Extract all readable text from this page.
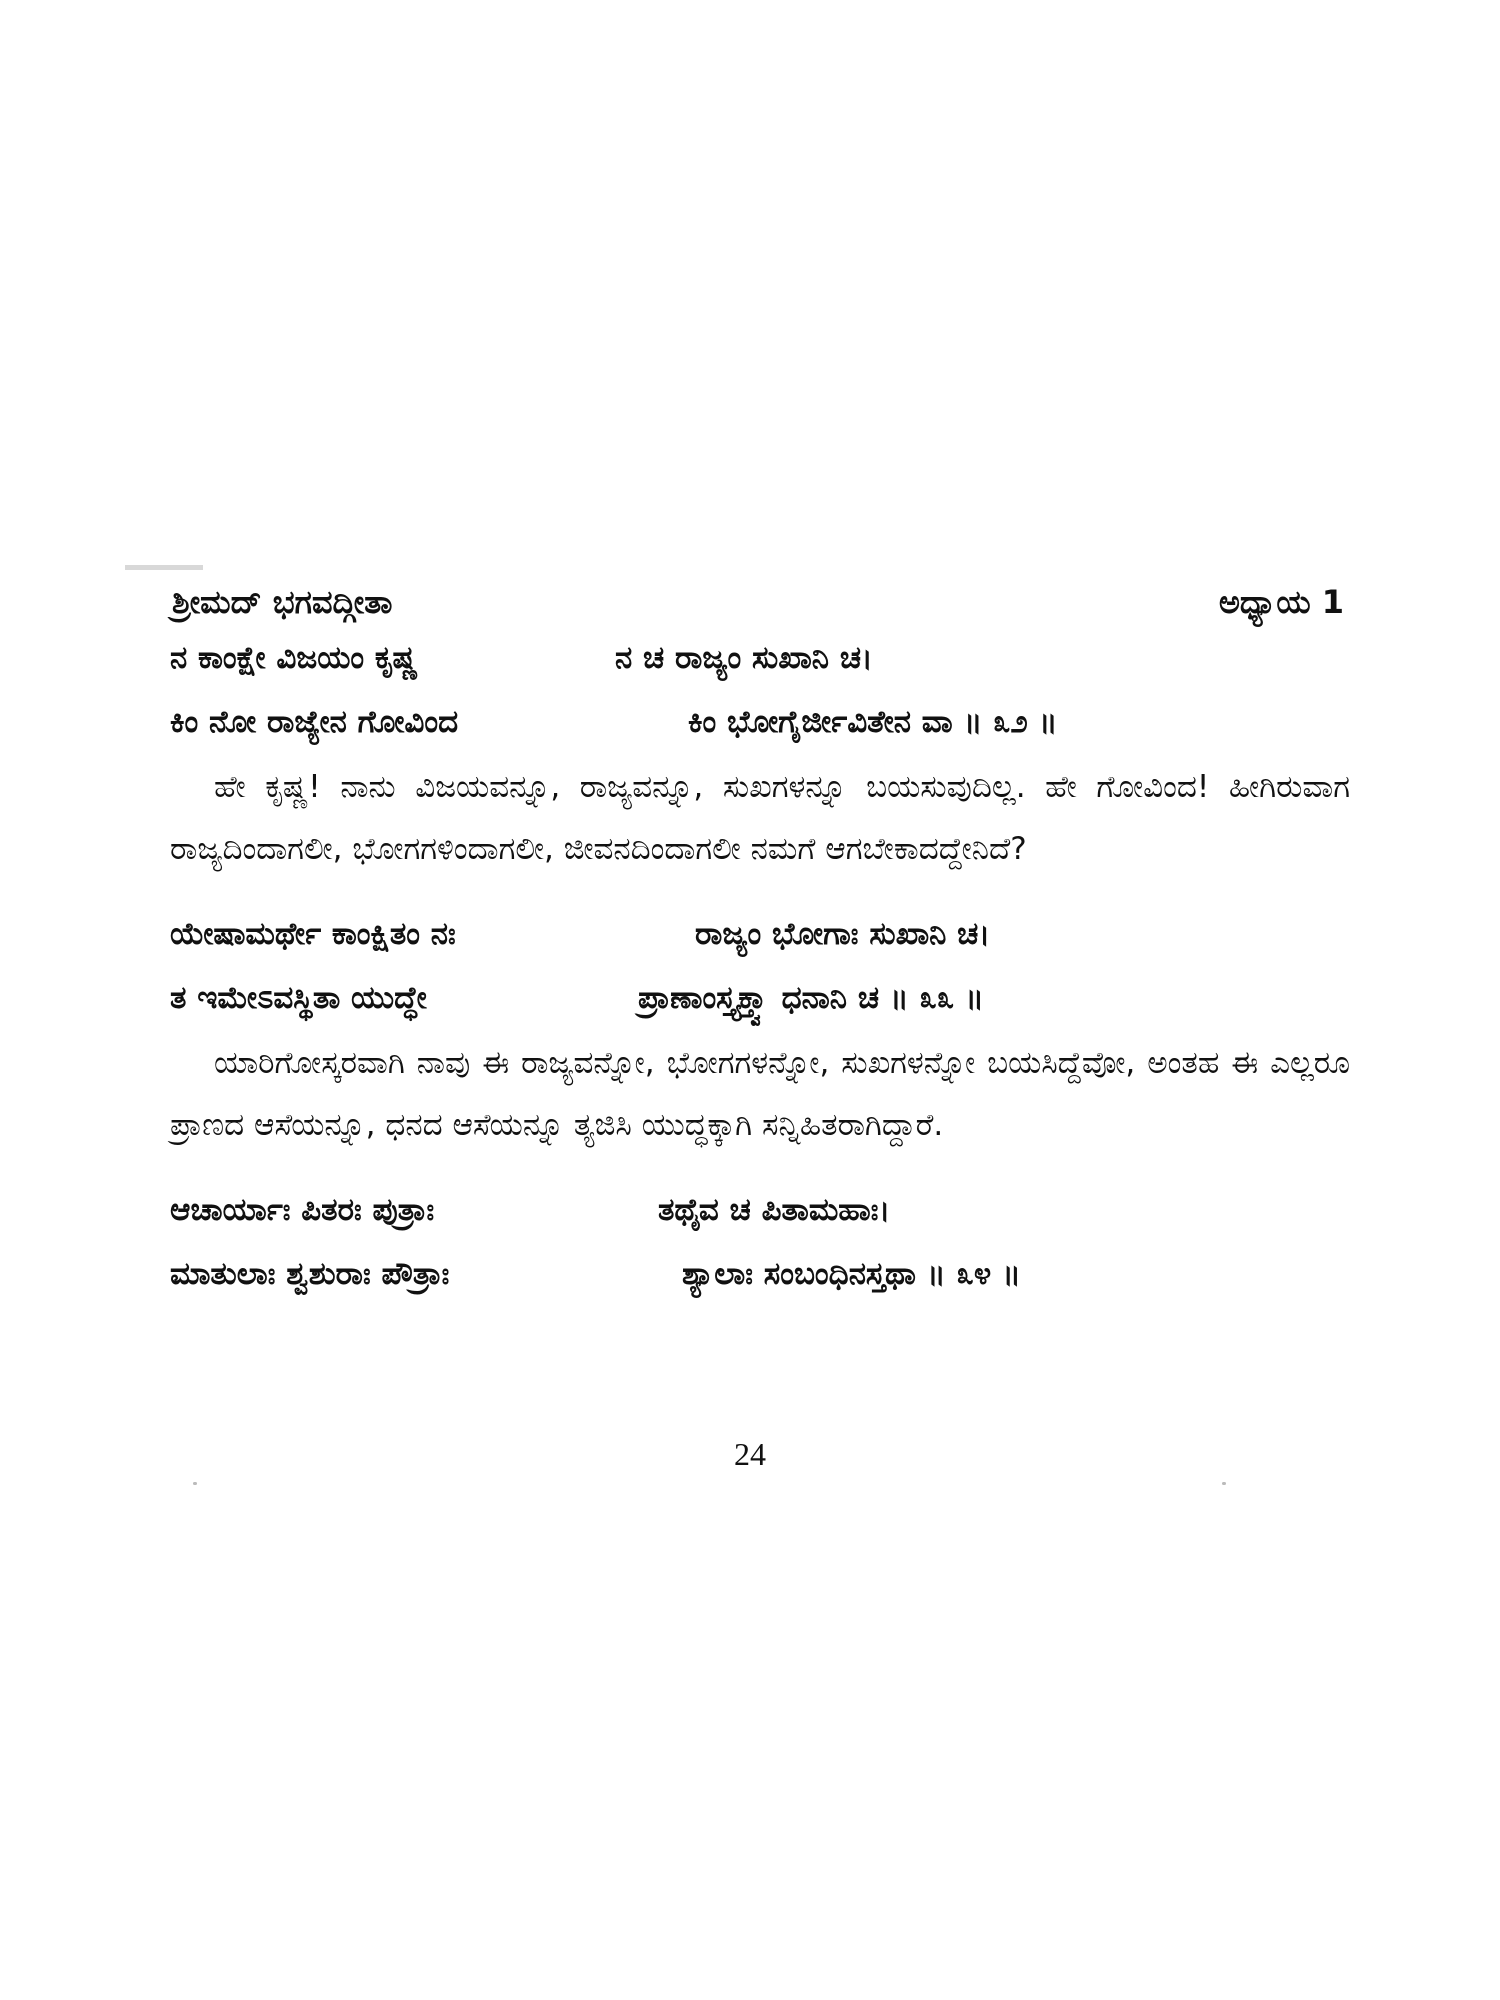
ಶ್ರೀಮದ್ ಭಗವದ್ಗೀತಾ	ಅಧ್ಯಾಯ 1
ನ ಕಾಂಕ್ಷೇ ವಿಜಯಂ ಕೃಷ್ಣ	ನ ಚ ರಾಜ್ಯಂ ಸುಖಾನಿ ಚ।
ಕಿಂ ನೋ ರಾಜ್ಯೇನ ಗೋವಿಂದ	ಕಿಂ ಭೋಗೈರ್ಜೀವಿತೇನ ವಾ ॥ ೩೨ ॥

ಹೇ ಕೃಷ್ಣ! ನಾನು ವಿಜಯವನ್ನೂ, ರಾಜ್ಯವನ್ನೂ, ಸುಖಗಳನ್ನೂ ಬಯಸುವುದಿಲ್ಲ. ಹೇ ಗೋವಿಂದ! ಹೀಗಿರುವಾಗ ರಾಜ್ಯದಿಂದಾಗಲೀ, ಭೋಗಗಳಿಂದಾಗಲೀ, ಜೀವನದಿಂದಾಗಲೀ ನಮಗೆ ಆಗಬೇಕಾದದ್ದೇನಿದೆ?

ಯೇಷಾಮರ್ಥೇ ಕಾಂಕ್ಷಿತಂ ನಃ	ರಾಜ್ಯಂ ಭೋಗಾಃ ಸುಖಾನಿ ಚ।
ತ ಇಮೇಽವಸ್ಥಿತಾ ಯುದ್ಧೇ	ಪ್ರಾಣಾಂಸ್ತ್ಯಕ್ತ್ವಾ ಧನಾನಿ ಚ ॥ ೩೩ ॥

ಯಾರಿಗೋಸ್ಕರವಾಗಿ ನಾವು ಈ ರಾಜ್ಯವನ್ನೋ, ಭೋಗಗಳನ್ನೋ, ಸುಖಗಳನ್ನೋ ಬಯಸಿದ್ದೆವೋ, ಅಂತಹ ಈ ಎಲ್ಲರೂ ಪ್ರಾಣದ ಆಸೆಯನ್ನೂ, ಧನದ ಆಸೆಯನ್ನೂ ತ್ಯಜಿಸಿ ಯುದ್ಧಕ್ಕಾಗಿ ಸನ್ನಿಹಿತರಾಗಿದ್ದಾರೆ.

ಆಚಾರ್ಯಾಃ ಪಿತರಃ ಪುತ್ರಾಃ	ತಥೈವ ಚ ಪಿತಾಮಹಾಃ।
ಮಾತುಲಾಃ ಶ್ವಶುರಾಃ ಪೌತ್ರಾಃ	ಶ್ಯಾಲಾಃ ಸಂಬಂಧಿನಸ್ತಥಾ ॥ ೩೪ ॥
24
